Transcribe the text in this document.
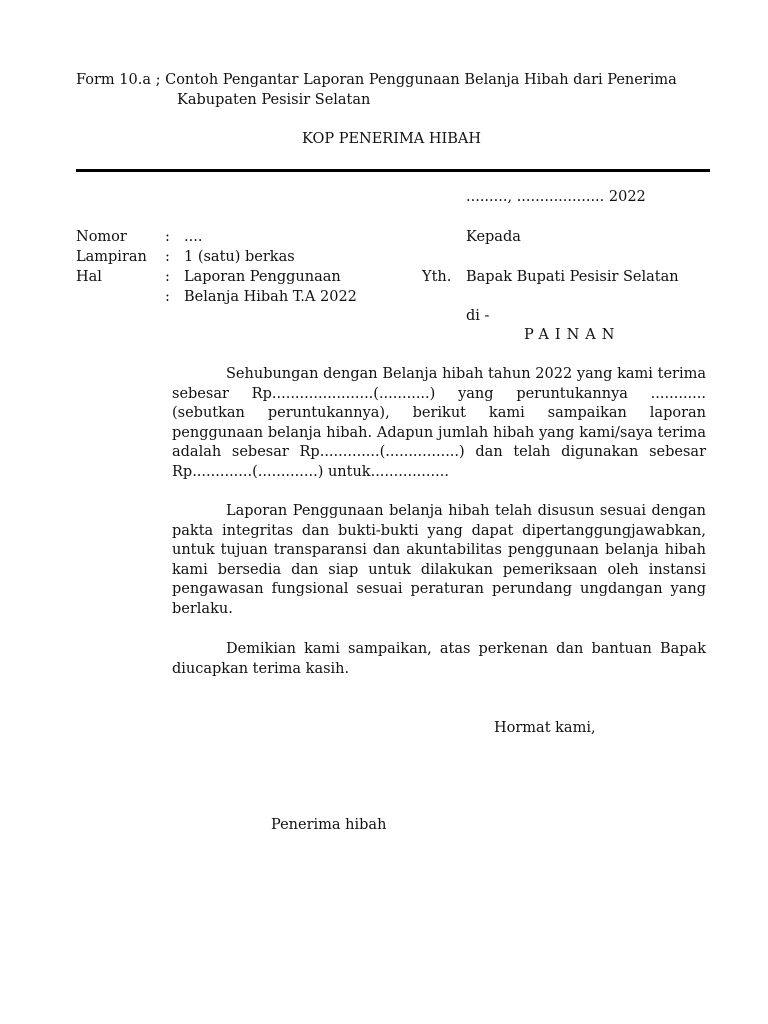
Form 10.a ; Contoh Pengantar Laporan Penggunaan Belanja Hibah dari Penerima
Kabupaten Pesisir Selatan
KOP PENERIMA HIBAH
........., ................... 2022
Nomor	: ....
Lampiran : 1 (satu) berkas
Hal	: Laporan Penggunaan
: Belanja Hibah T.A 2022
Kepada
Yth. Bapak Bupati Pesisir Selatan
di -
PAINAN

Sehubungan dengan Belanja hibah tahun 2022 yang kami terima sebesar Rp......................(...........) yang peruntukannya ............(sebutkan peruntukannya), berikut kami sampaikan laporan penggunaan belanja hibah. Adapun jumlah hibah yang kami/saya terima adalah sebesar Rp.............(................) dan telah digunakan sebesar Rp.............(.............) untuk.................

Laporan Penggunaan belanja hibah telah disusun sesuai dengan pakta integritas dan bukti-bukti yang dapat dipertanggungjawabkan, untuk tujuan transparansi dan akuntabilitas penggunaan belanja hibah kami bersedia dan siap untuk dilakukan pemeriksaan oleh instansi pengawasan fungsional sesuai peraturan perundang ungdangan yang berlaku.

Demikian kami sampaikan, atas perkenan dan bantuan Bapak diucapkan terima kasih.

Hormat kami,
Penerima hibah
